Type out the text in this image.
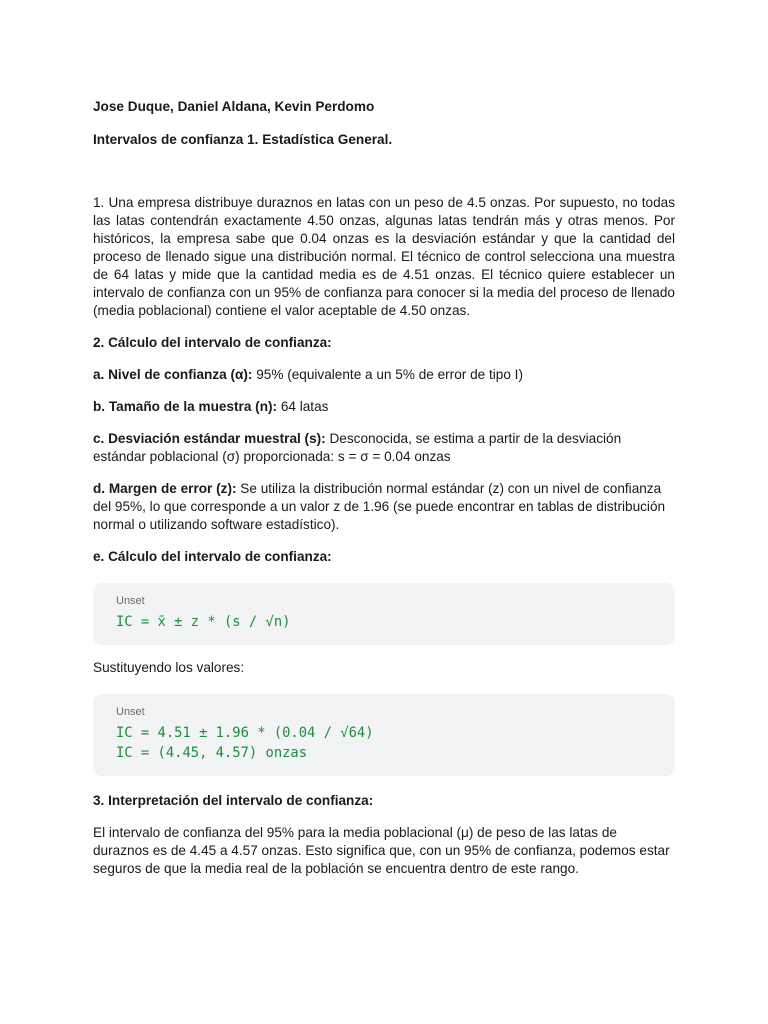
Jose Duque, Daniel Aldana, Kevin Perdomo

Intervalos de confianza 1. Estadística General.

1. Una empresa distribuye duraznos en latas con un peso de 4.5 onzas. Por supuesto, no todas las latas contendrán exactamente 4.50 onzas, algunas latas tendrán más y otras menos. Por históricos, la empresa sabe que 0.04 onzas es la desviación estándar y que la cantidad del proceso de llenado sigue una distribución normal. El técnico de control selecciona una muestra de 64 latas y mide que la cantidad media es de 4.51 onzas. El técnico quiere establecer un intervalo de confianza con un 95% de confianza para conocer si la media del proceso de llenado (media poblacional) contiene el valor aceptable de 4.50 onzas.

2. Cálculo del intervalo de confianza:

a. Nivel de confianza (α): 95% (equivalente a un 5% de error de tipo I)

b. Tamaño de la muestra (n): 64 latas

c. Desviación estándar muestral (s): Desconocida, se estima a partir de la desviación estándar poblacional (σ) proporcionada: s = σ = 0.04 onzas

d. Margen de error (z): Se utiliza la distribución normal estándar (z) con un nivel de confianza del 95%, lo que corresponde a un valor z de 1.96 (se puede encontrar en tablas de distribución normal o utilizando software estadístico).

e. Cálculo del intervalo de confianza:

Unset

IC = x̄ ± z * (s / √n)

Sustituyendo los valores:

Unset

IC = 4.51 ± 1.96 * (0.04 / √64)

IC = (4.45, 4.57) onzas

3. Interpretación del intervalo de confianza:

El intervalo de confianza del 95% para la media poblacional (μ) de peso de las latas de duraznos es de 4.45 a 4.57 onzas. Esto significa que, con un 95% de confianza, podemos estar seguros de que la media real de la población se encuentra dentro de este rango.
